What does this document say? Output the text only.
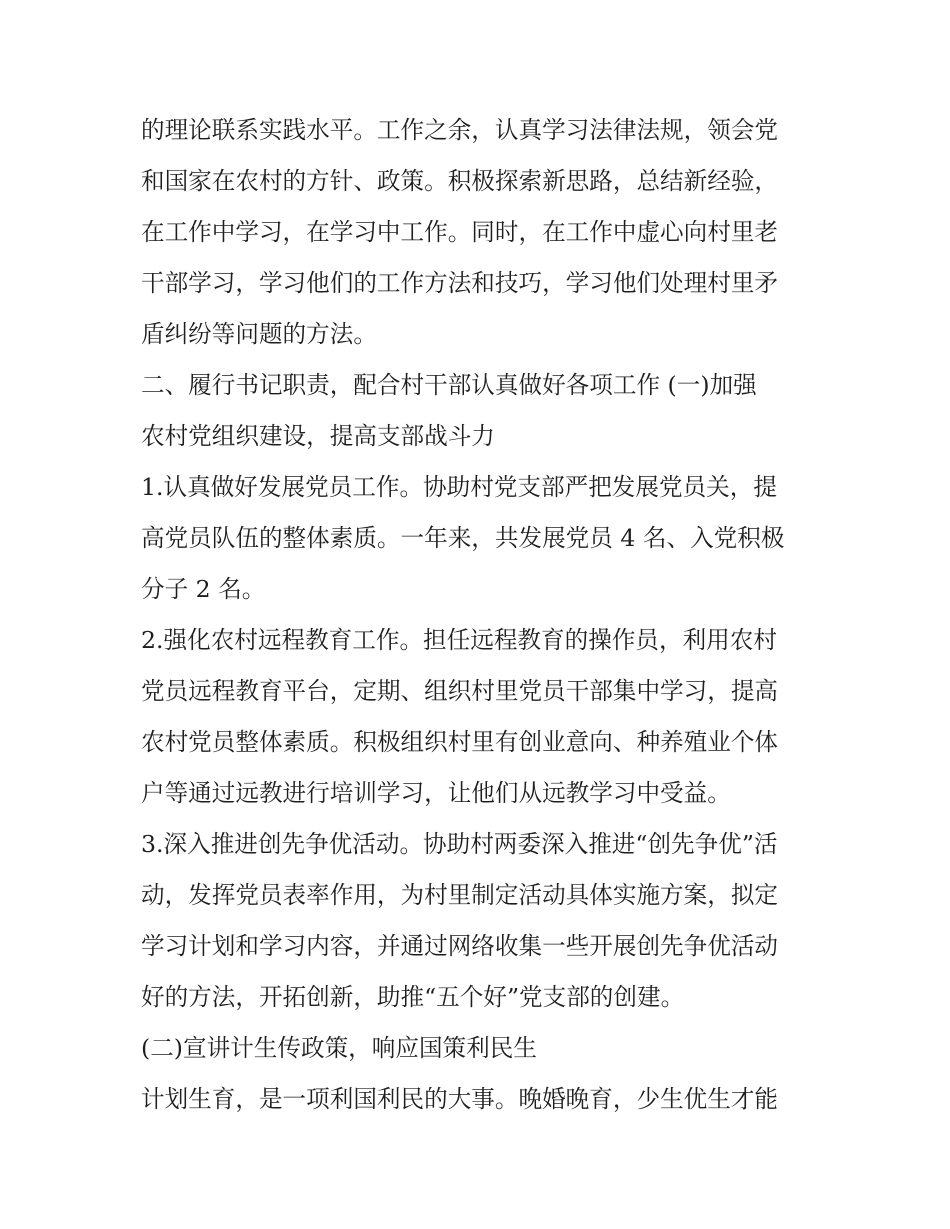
的理论联系实践水平。工作之余，认真学习法律法规，领会党

和国家在农村的方针、政策。积极探索新思路，总结新经验，

在工作中学习，在学习中工作。同时，在工作中虚心向村里老

干部学习，学习他们的工作方法和技巧，学习他们处理村里矛

盾纠纷等问题的方法。

二、履行书记职责，配合村干部认真做好各项工作 (一)加强

农村党组织建设，提高支部战斗力

1.认真做好发展党员工作。协助村党支部严把发展党员关，提

高党员队伍的整体素质。一年来，共发展党员 4 名、入党积极

分子 2 名。

2.强化农村远程教育工作。担任远程教育的操作员，利用农村

党员远程教育平台，定期、组织村里党员干部集中学习，提高

农村党员整体素质。积极组织村里有创业意向、种养殖业个体

户等通过远教进行培训学习，让他们从远教学习中受益。

3.深入推进创先争优活动。协助村两委深入推进“创先争优”活

动，发挥党员表率作用，为村里制定活动具体实施方案，拟定

学习计划和学习内容，并通过网络收集一些开展创先争优活动

好的方法，开拓创新，助推“五个好”党支部的创建。

(二)宣讲计生传政策，响应国策利民生

计划生育，是一项利国利民的大事。晚婚晚育，少生优生才能
